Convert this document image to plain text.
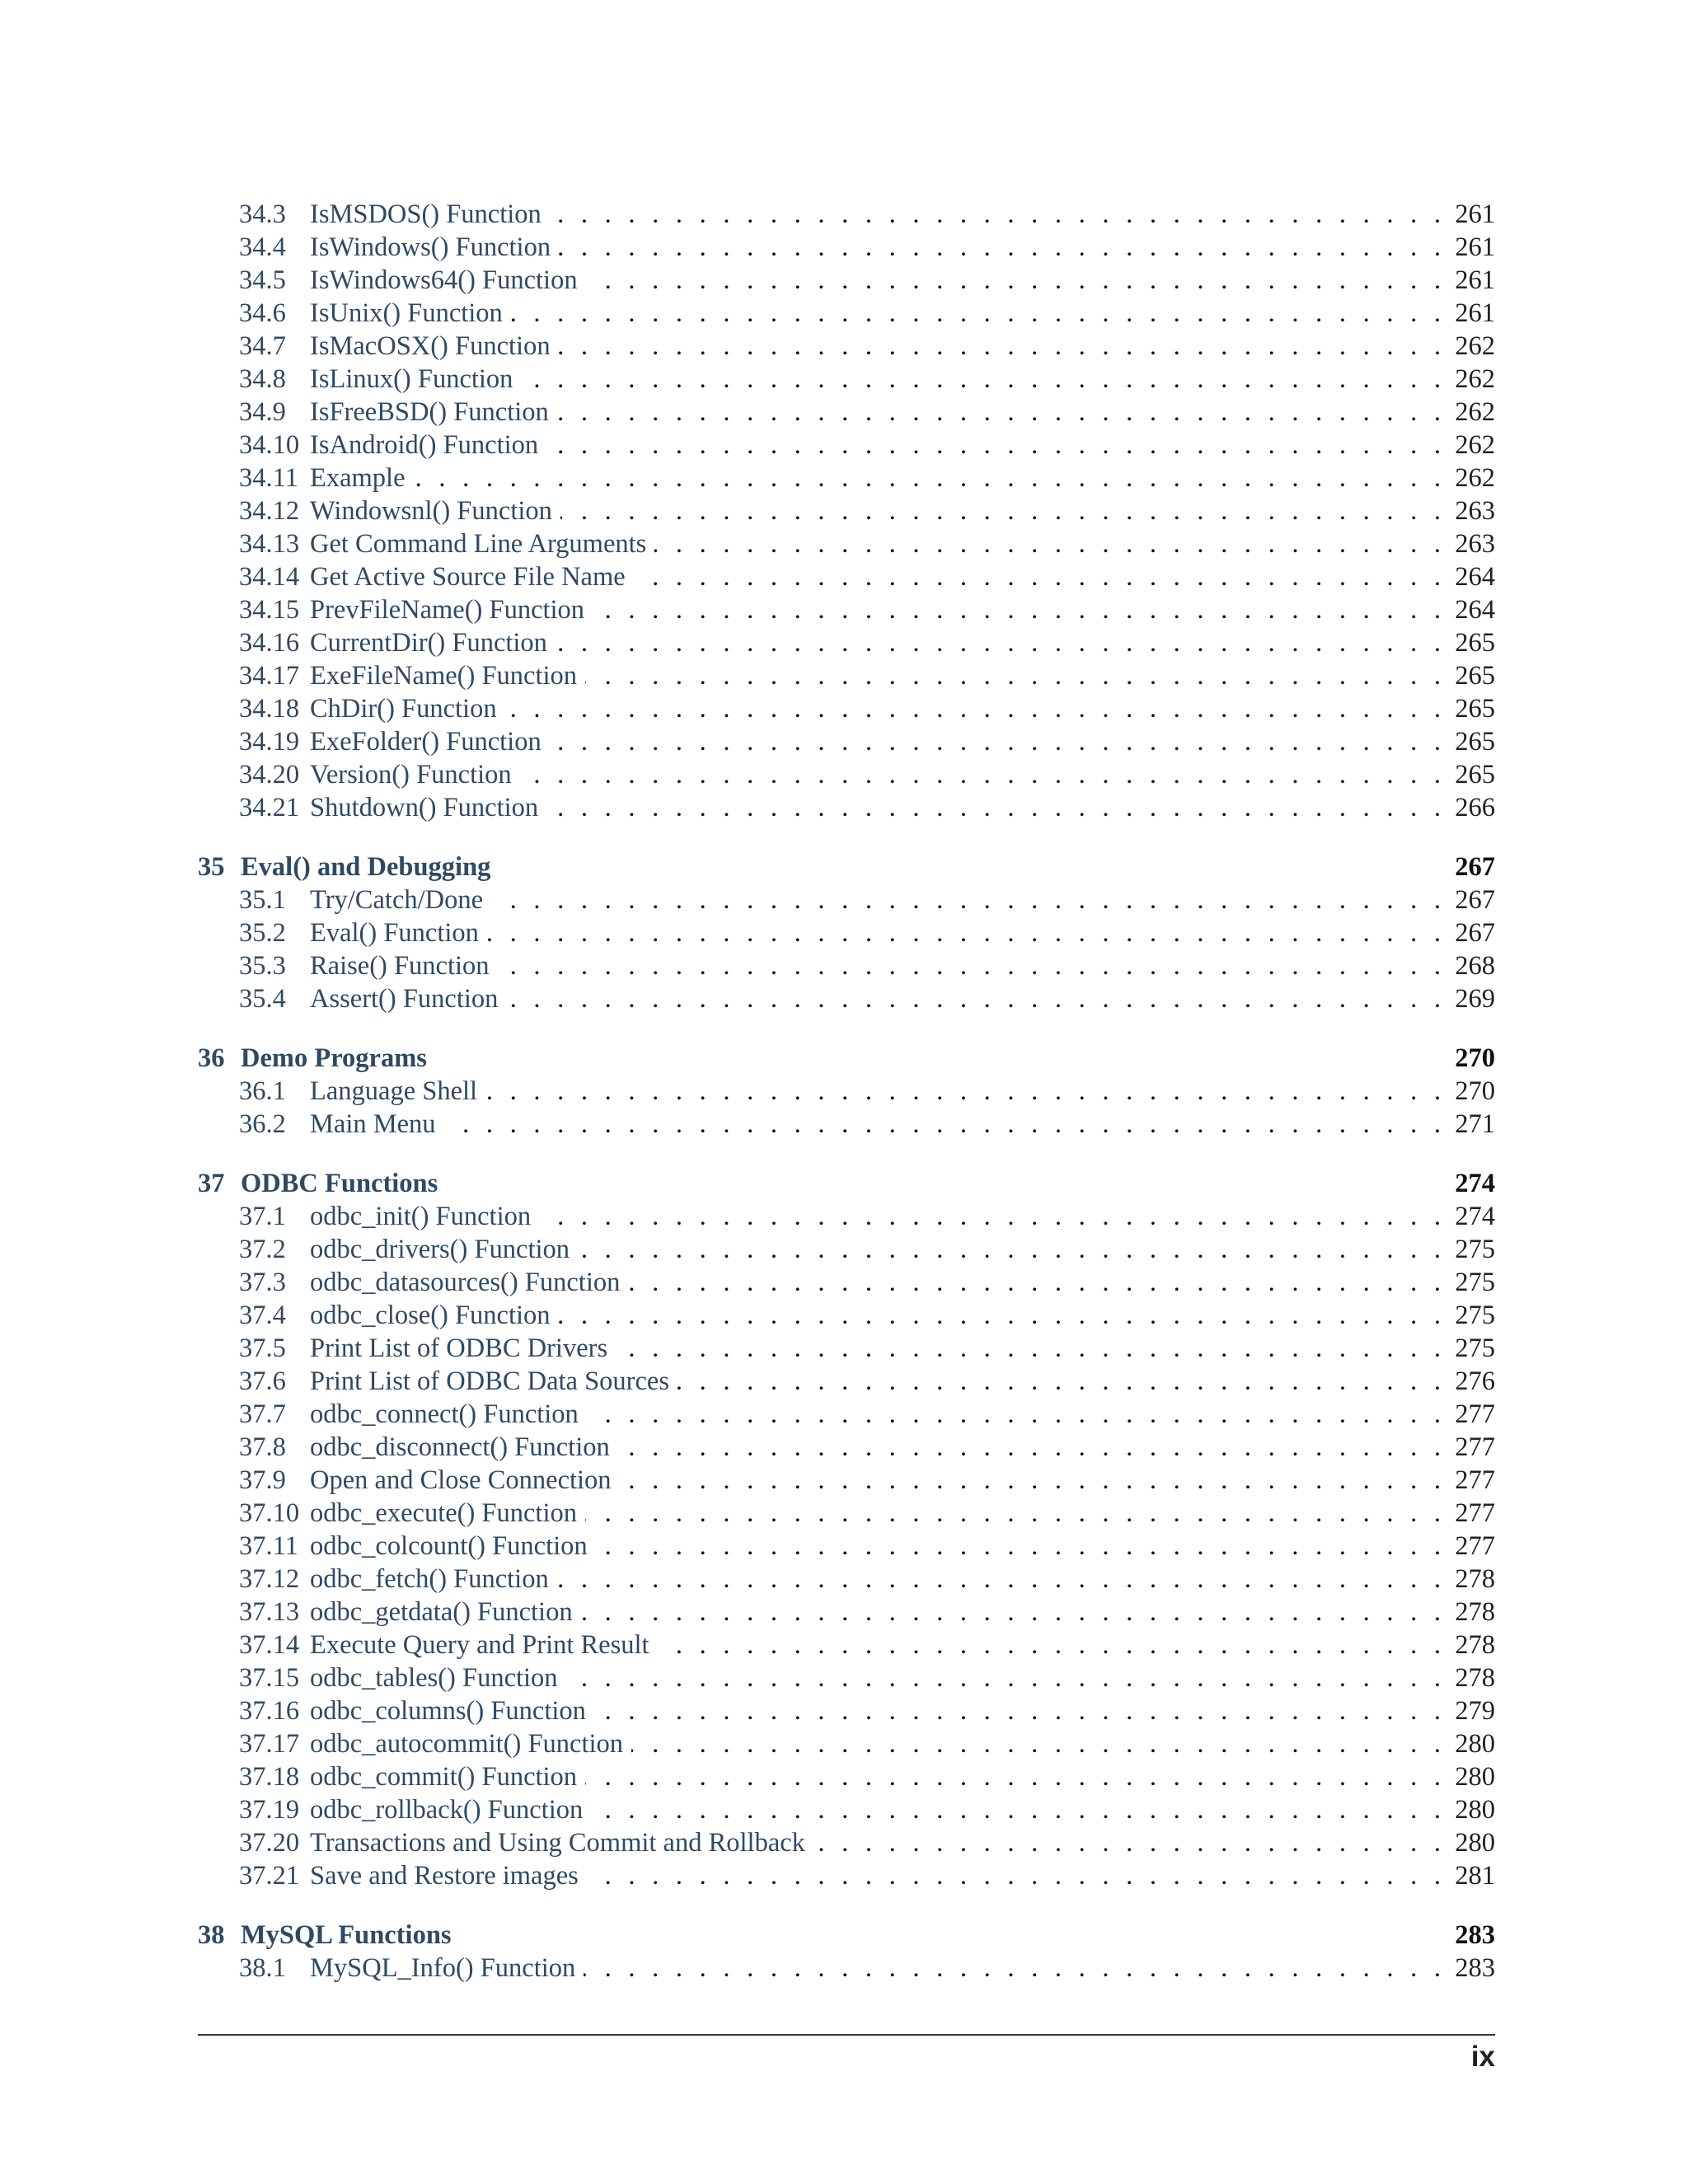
34.3 IsMSDOS() Function . . .	261
34.4 IsWindows() Function . . .	261
34.5 IsWindows64() Function . . .	261
34.6 IsUnix() Function . . .	261
34.7 IsMacOSX() Function . . .	262
34.8 IsLinux() Function . . .	262
34.9 IsFreeBSD() Function . . .	262
34.10 IsAndroid() Function . . .	262
34.11 Example . . .	262
34.12 Windowsnl() Function . . .	263
34.13 Get Command Line Arguments . . .	263
34.14 Get Active Source File Name . . .	264
34.15 PrevFileName() Function . . .	264
34.16 CurrentDir() Function . . .	265
34.17 ExeFileName() Function . . .	265
34.18 ChDir() Function . . .	265
34.19 ExeFolder() Function . . .	265
34.20 Version() Function . . .	265
34.21 Shutdown() Function . . .	266
35 Eval() and Debugging	267
35.1 Try/Catch/Done . . .	267
35.2 Eval() Function . . .	267
35.3 Raise() Function . . .	268
35.4 Assert() Function . . .	269
36 Demo Programs	270
36.1 Language Shell . . .	270
36.2 Main Menu . . .	271
37 ODBC Functions	274
37.1 odbc_init() Function . . .	274
37.2 odbc_drivers() Function . . .	275
37.3 odbc_datasources() Function . . .	275
37.4 odbc_close() Function . . .	275
37.5 Print List of ODBC Drivers . . .	275
37.6 Print List of ODBC Data Sources . . .	276
37.7 odbc_connect() Function . . .	277
37.8 odbc_disconnect() Function . . .	277
37.9 Open and Close Connection . . .	277
37.10 odbc_execute() Function . . .	277
37.11 odbc_colcount() Function . . .	277
37.12 odbc_fetch() Function . . .	278
37.13 odbc_getdata() Function . . .	278
37.14 Execute Query and Print Result . . .	278
37.15 odbc_tables() Function . . .	278
37.16 odbc_columns() Function . . .	279
37.17 odbc_autocommit() Function . . .	280
37.18 odbc_commit() Function . . .	280
37.19 odbc_rollback() Function . . .	280
37.20 Transactions and Using Commit and Rollback . . .	280
37.21 Save and Restore images . . .	281
38 MySQL Functions	283
38.1 MySQL_Info() Function . . .	283
ix
